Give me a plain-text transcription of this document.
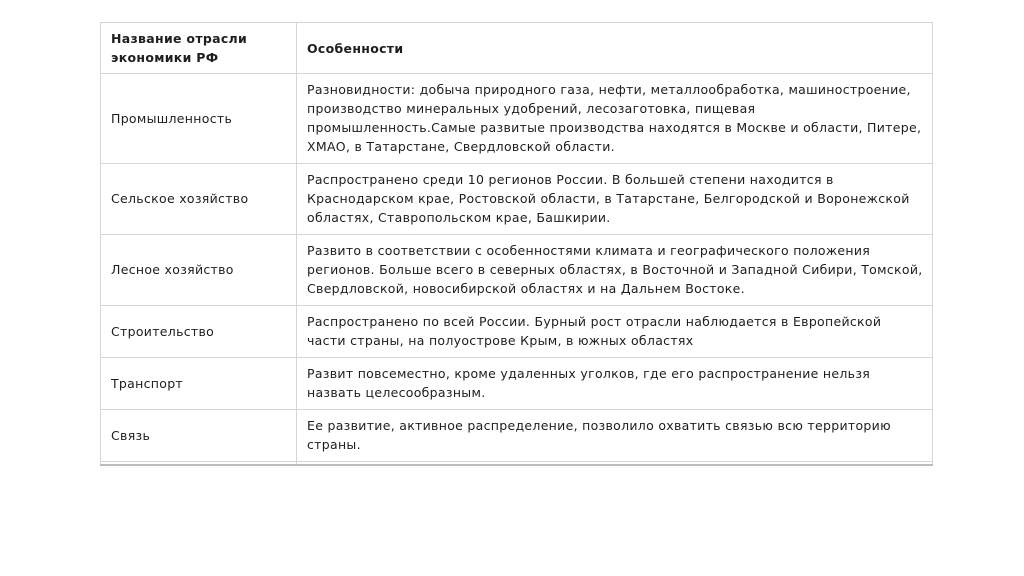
Название отрасли экономики РФ	Особенности
Промышленность	Разновидности: добыча природного газа, нефти, металлообработка, машиностроение, производство минеральных удобрений, лесозаготовка, пищевая промышленность.Самые развитые производства находятся в Москве и области, Питере, ХМАО, в Татарстане, Свердловской области.
Сельское хозяйство	Распространено среди 10 регионов России. В большей степени находится в Краснодарском крае, Ростовской области, в Татарстане, Белгородской и Воронежской областях, Ставропольском крае, Башкирии.
Лесное хозяйство	Развито в соответствии с особенностями климата и географического положения регионов. Больше всего в северных областях, в Восточной и Западной Сибири, Томской, Свердловской, новосибирской областях и на Дальнем Востоке.
Строительство	Распространено по всей России. Бурный рост отрасли наблюдается в Европейской части страны, на полуострове Крым, в южных областях
Транспорт	Развит повсеместно, кроме удаленных уголков, где его распространение нельзя назвать целесообразным.
Связь	Ее развитие, активное распределение, позволило охватить связью всю территорию страны.
